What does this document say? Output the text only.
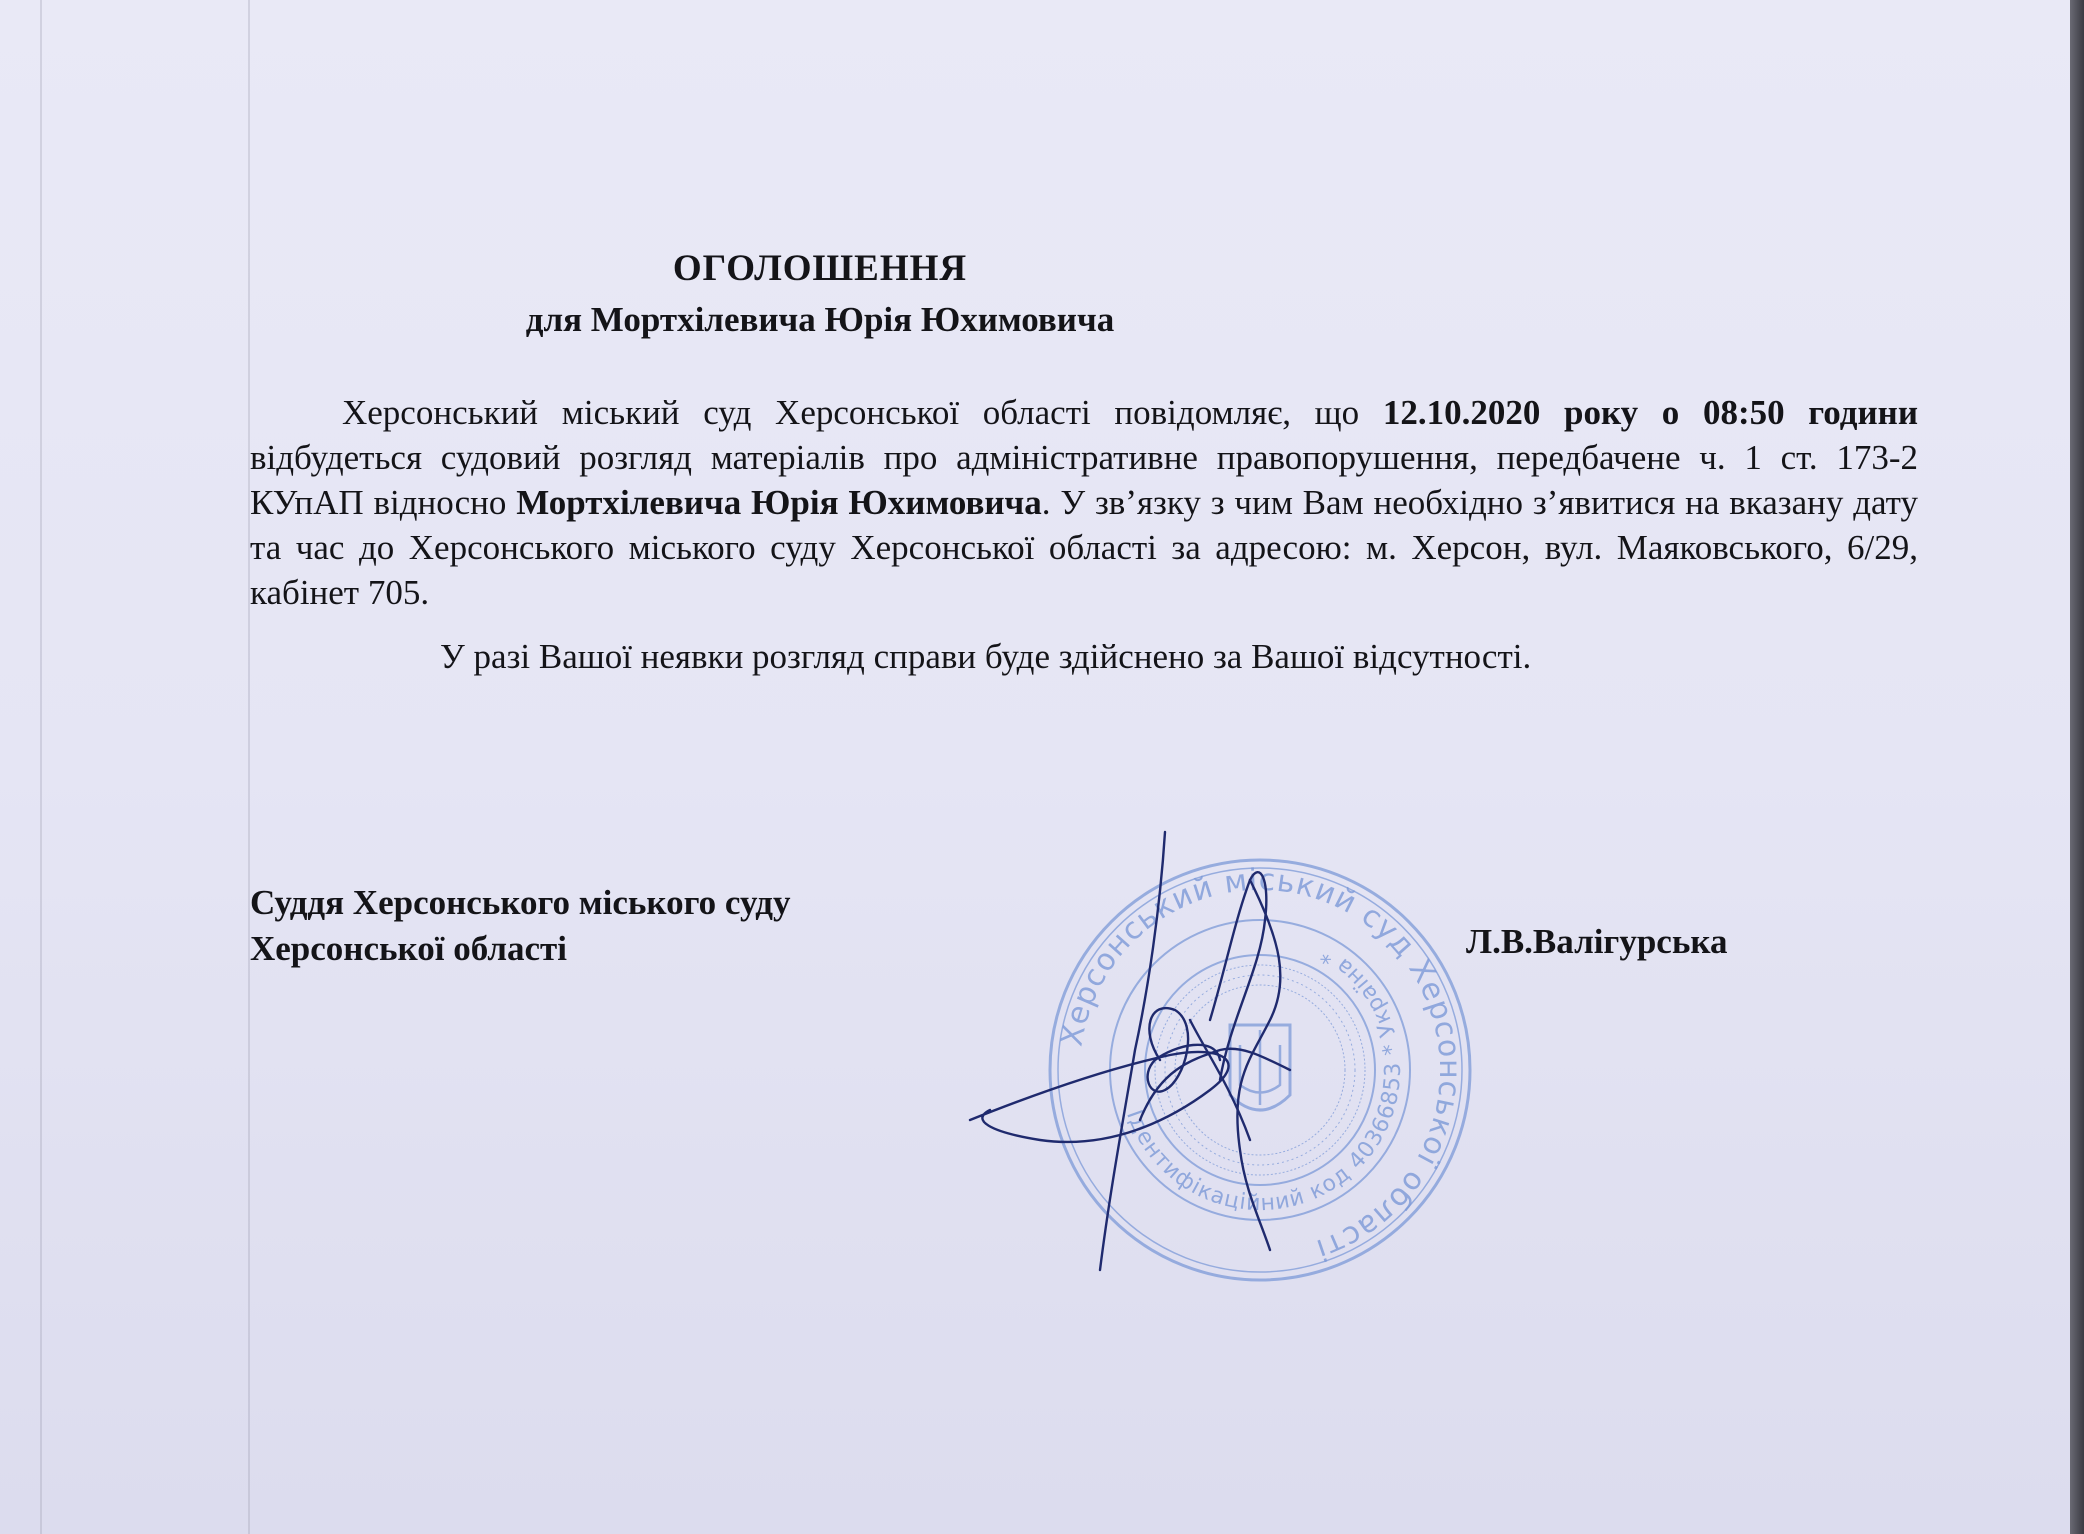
ОГОЛОШЕННЯ
для Мортхілевича Юрія Юхимовича
Херсонський міський суд Херсонської області повідомляє, що 12.10.2020 року о 08:50 години відбудеться судовий розгляд матеріалів про адміністративне правопорушення, передбачене ч. 1 ст. 173-2 КУпАП відносно Мортхілевича Юрія Юхимовича. У звʼязку з чим Вам необхідно з’явитися на вказану дату та час до Херсонського міського суду Херсонської області за адресою: м. Херсон, вул. Маяковського, 6/29, кабінет 705.
У разі Вашої неявки розгляд справи буде здійснено за Вашої відсутності.
Суддя Херсонського міського суду
Херсонської області	Л.В.Валігурська
Херсонський міський суд Херсонської області
Ідентифікаційний код 40366853 * Україна *
